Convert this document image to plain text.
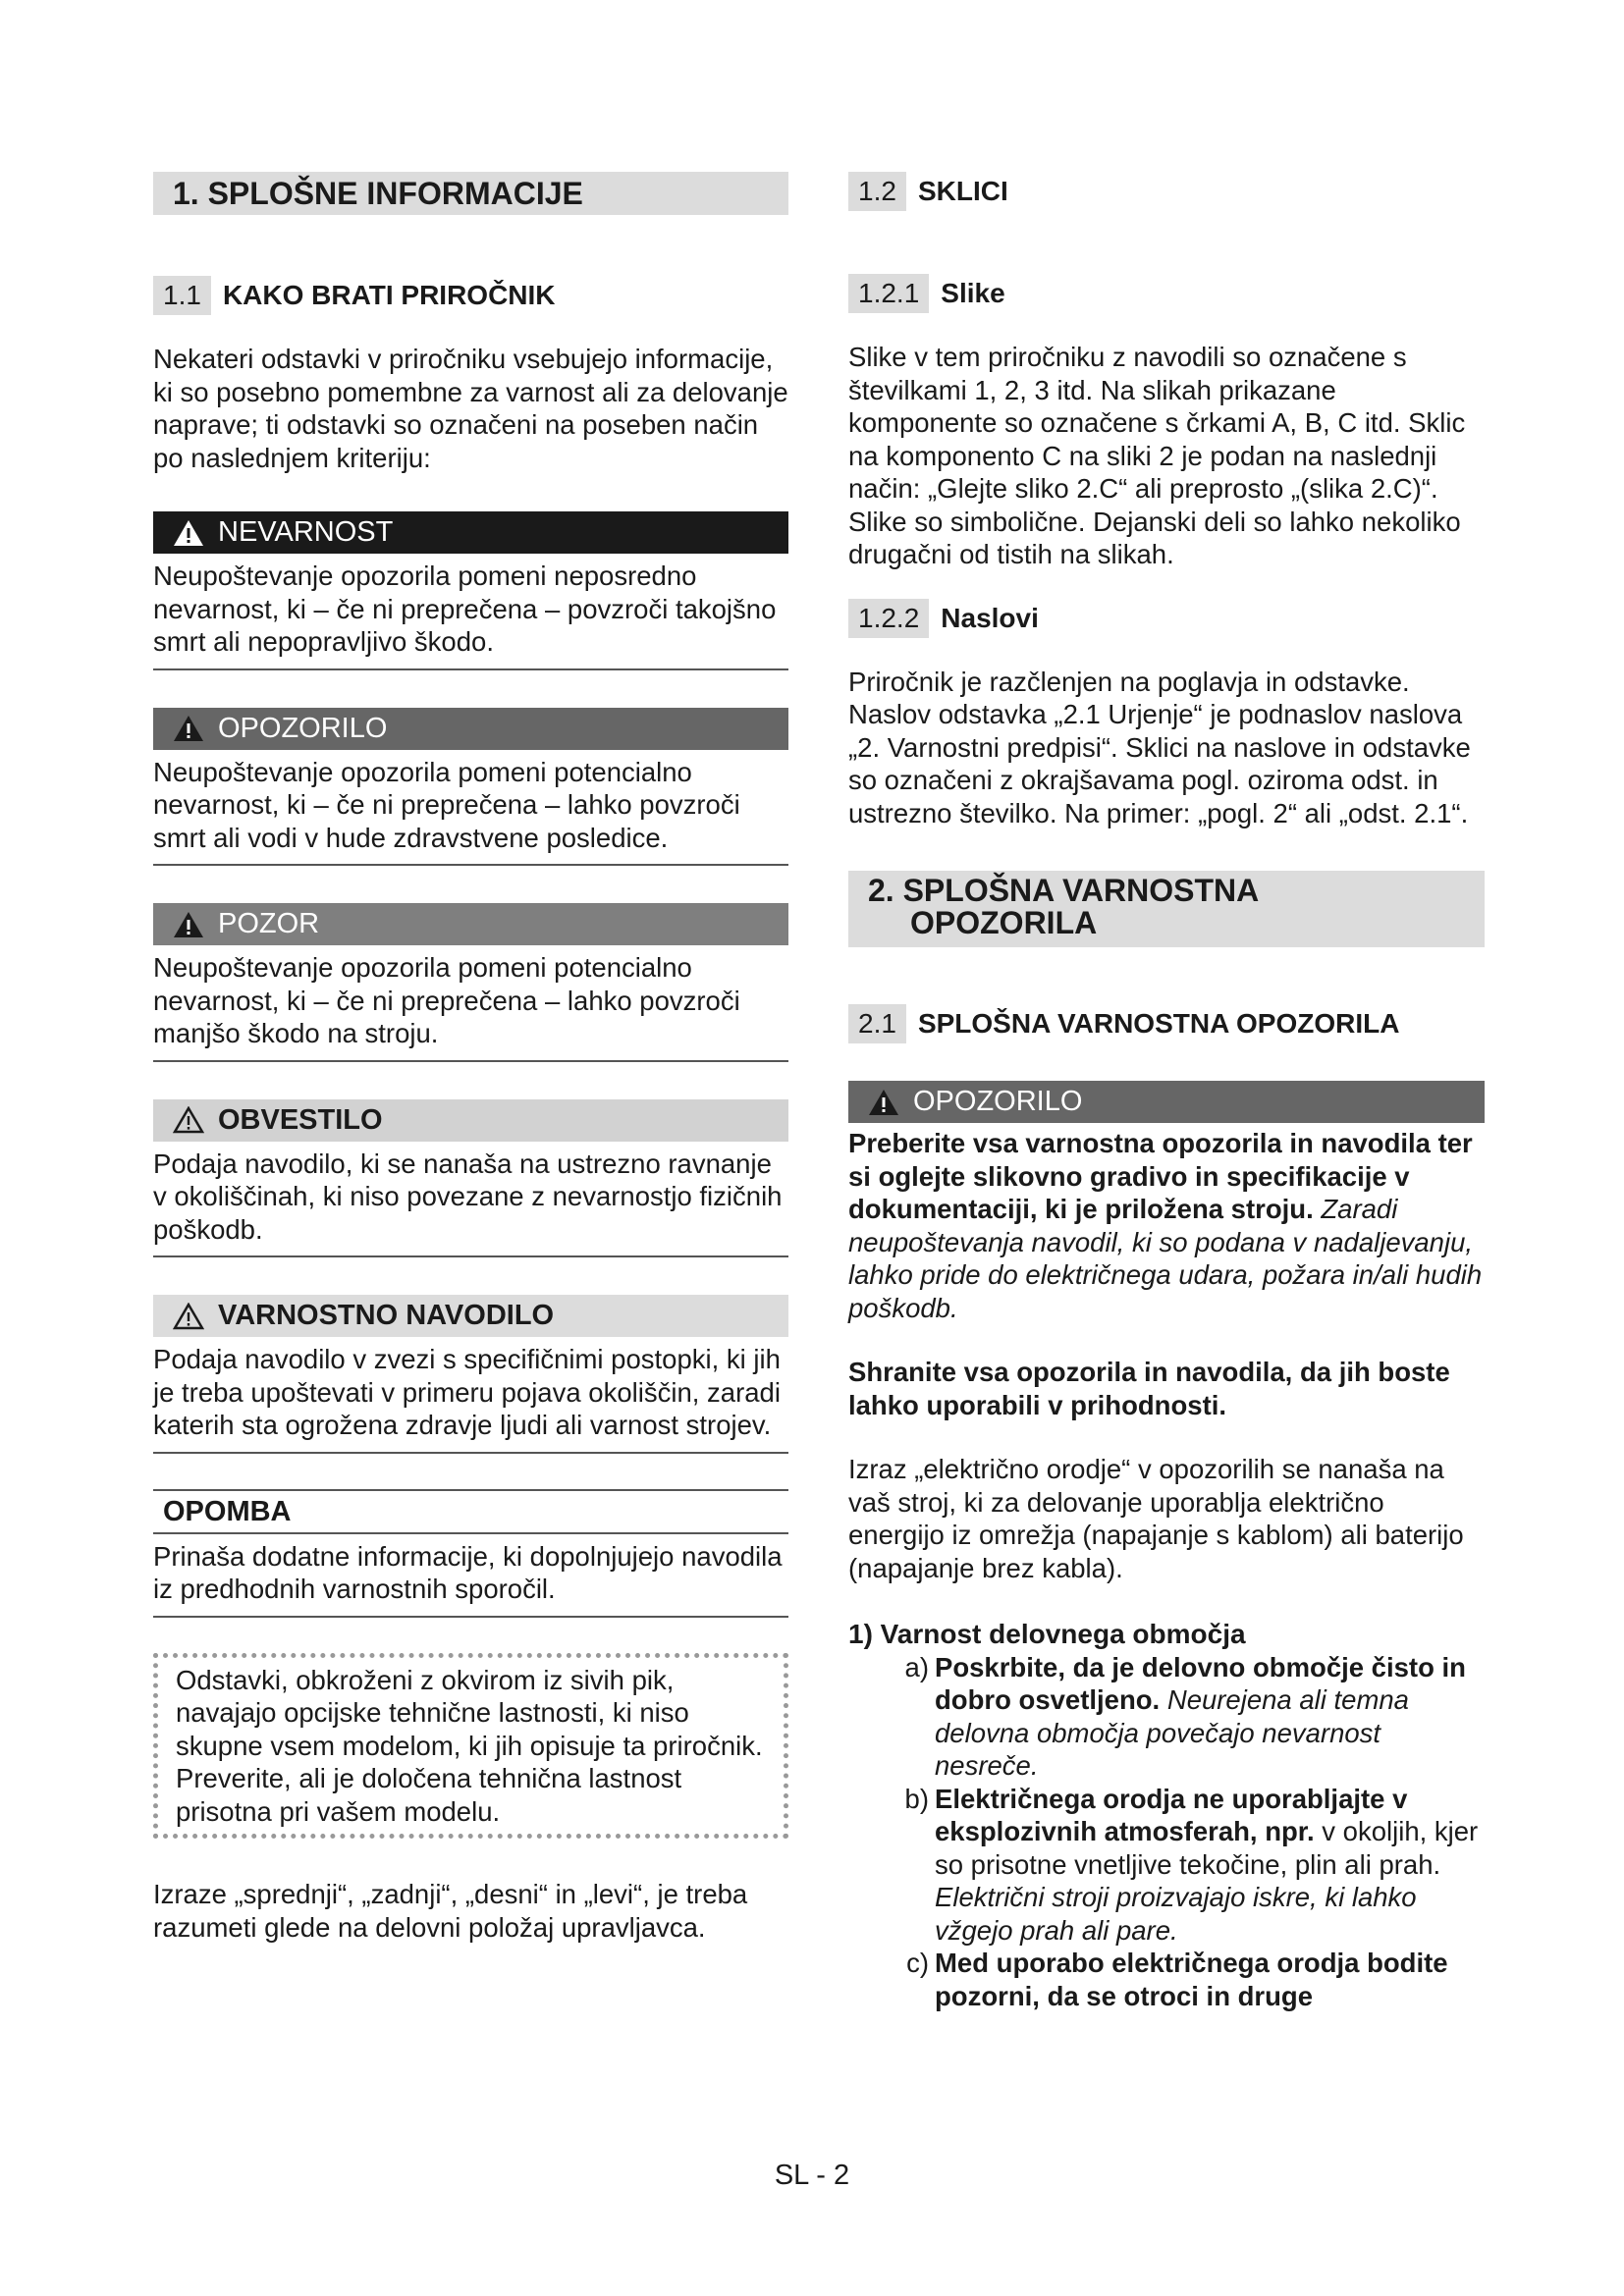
1. SPLOŠNE INFORMACIJE
1.1 KAKO BRATI PRIROČNIK

Nekateri odstavki v priročniku vsebujejo informacije, ki so posebno pomembne za varnost ali za delovanje naprave; ti odstavki so označeni na poseben način po naslednjem kriteriju:

NEVARNOST

Neupoštevanje opozorila pomeni neposredno nevarnost, ki – če ni preprečena – povzroči takojšno smrt ali nepopravljivo škodo.

OPOZORILO

Neupoštevanje opozorila pomeni potencialno nevarnost, ki – če ni preprečena – lahko povzroči smrt ali vodi v hude zdravstvene posledice.

POZOR

Neupoštevanje opozorila pomeni potencialno nevarnost, ki – če ni preprečena – lahko povzroči manjšo škodo na stroju.

OBVESTILO

Podaja navodilo, ki se nanaša na ustrezno ravnanje v okoliščinah, ki niso povezane z nevarnostjo fizičnih poškodb.

VARNOSTNO NAVODILO

Podaja navodilo v zvezi s specifičnimi postopki, ki jih je treba upoštevati v primeru pojava okoliščin, zaradi katerih sta ogrožena zdravje ljudi ali varnost strojev.

OPOMBA

Prinaša dodatne informacije, ki dopolnjujejo navodila iz predhodnih varnostnih sporočil.

Odstavki, obkroženi z okvirom iz sivih pik, navajajo opcijske tehnične lastnosti, ki niso skupne vsem modelom, ki jih opisuje ta priročnik. Preverite, ali je določena tehnična lastnost prisotna pri vašem modelu.

Izraze „sprednji“, „zadnji“, „desni“ in „levi“, je treba razumeti glede na delovni položaj upravljavca.

1.2 SKLICI
1.2.1 Slike

Slike v tem priročniku z navodili so označene s številkami 1, 2, 3 itd. Na slikah prikazane komponente so označene s črkami A, B, C itd. Sklic na komponento C na sliki 2 je podan na naslednji način: „Glejte sliko 2.C“ ali preprosto „(slika 2.C)“. Slike so simbolične. Dejanski deli so lahko nekoliko drugačni od tistih na slikah.

1.2.2 Naslovi

Priročnik je razčlenjen na poglavja in odstavke. Naslov odstavka „2.1 Urjenje“ je podnaslov naslova „2. Varnostni predpisi“. Sklici na naslove in odstavke so označeni z okrajšavama pogl. oziroma odst. in ustrezno številko. Na primer: „pogl. 2“ ali „odst. 2.1“.

2. SPLOŠNA VARNOSTNA
OPOZORILA
2.1 SPLOŠNA VARNOSTNA OPOZORILA
OPOZORILO

Preberite vsa varnostna opozorila in navodila ter si oglejte slikovno gradivo in specifikacije v dokumentaciji, ki je priložena stroju. Zaradi neupoštevanja navodil, ki so podana v nadaljevanju, lahko pride do električnega udara, požara in/ali hudih poškodb.

Shranite vsa opozorila in navodila, da jih boste lahko uporabili v prihodnosti.

Izraz „električno orodje“ v opozorilih se nanaša na vaš stroj, ki za delovanje uporablja električno energijo iz omrežja (napajanje s kablom) ali baterijo (napajanje brez kabla).

1) Varnost delovnega območja
a) Poskrbite, da je delovno območje čisto in dobro osvetljeno. Neurejena ali temna delovna območja povečajo nevarnost nesreče.
b) Električnega orodja ne uporabljajte v eksplozivnih atmosferah, npr. v okoljih, kjer so prisotne vnetljive tekočine, plin ali prah. Električni stroji proizvajajo iskre, ki lahko vžgejo prah ali pare.
c) Med uporabo električnega orodja bodite pozorni, da se otroci in druge
SL - 2
